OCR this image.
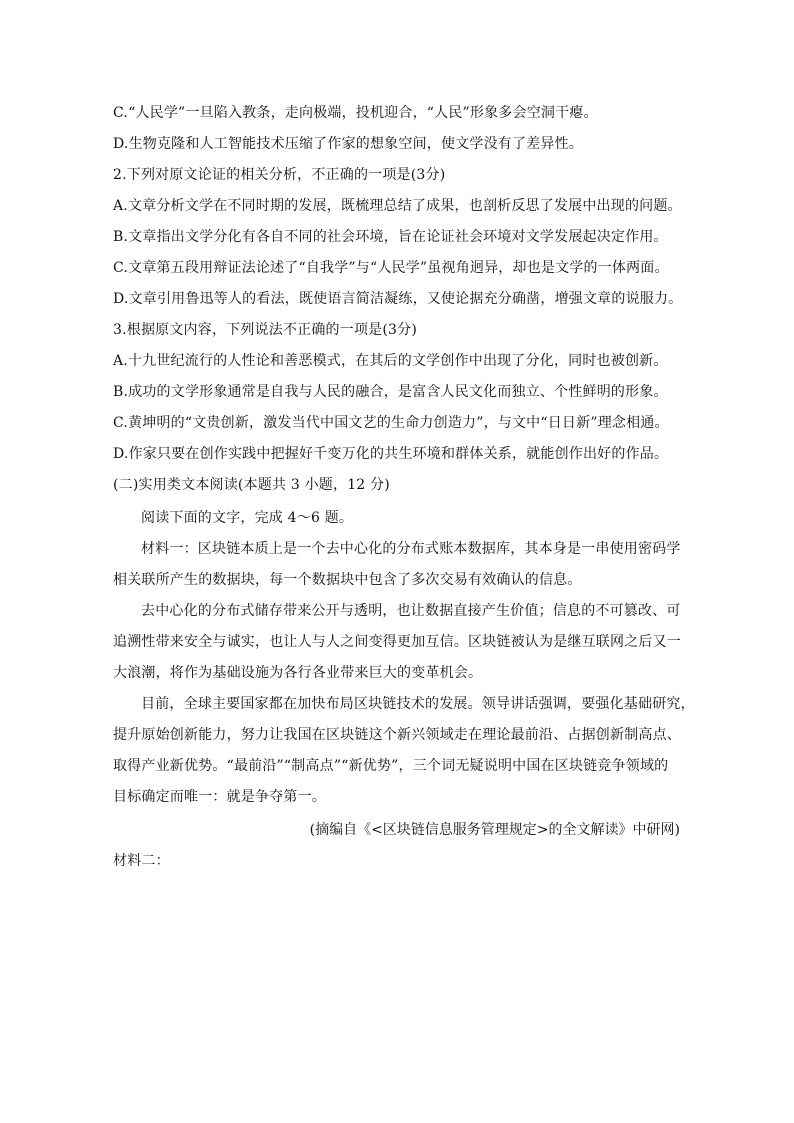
C.“人民学”一旦陷入教条，走向极端，投机迎合，“人民”形象多会空洞干瘪。
D.生物克隆和人工智能技术压缩了作家的想象空间，使文学没有了差异性。
2.下列对原文论证的相关分析，不正确的一项是(3分)
A.文章分析文学在不同时期的发展，既梳理总结了成果，也剖析反思了发展中出现的问题。
B.文章指出文学分化有各自不同的社会环境，旨在论证社会环境对文学发展起决定作用。
C.文章第五段用辩证法论述了“自我学”与“人民学”虽视角迥异，却也是文学的一体两面。
D.文章引用鲁迅等人的看法，既使语言简洁凝练，又使论据充分确凿，增强文章的说服力。
3.根据原文内容，下列说法不正确的一项是(3分)
A.十九世纪流行的人性论和善恶模式，在其后的文学创作中出现了分化，同时也被创新。
B.成功的文学形象通常是自我与人民的融合，是富含人民文化而独立、个性鲜明的形象。
C.黄坤明的“文贵创新，激发当代中国文艺的生命力创造力”，与文中“日日新”理念相通。
D.作家只要在创作实践中把握好千变万化的共生环境和群体关系，就能创作出好的作品。
(二)实用类文本阅读(本题共 3 小题，12 分)
阅读下面的文字，完成 4～6 题。
材料一：区块链本质上是一个去中心化的分布式账本数据库，其本身是一串使用密码学
相关联所产生的数据块，每一个数据块中包含了多次交易有效确认的信息。
去中心化的分布式储存带来公开与透明，也让数据直接产生价值；信息的不可篡改、可
追溯性带来安全与诚实，也让人与人之间变得更加互信。区块链被认为是继互联网之后又一
大浪潮，将作为基础设施为各行各业带来巨大的变革机会。
目前，全球主要国家都在加快布局区块链技术的发展。领导讲话强调，要强化基础研究，
提升原始创新能力，努力让我国在区块链这个新兴领域走在理论最前沿、占据创新制高点、
取得产业新优势。“最前沿”“制高点”“新优势”，三个词无疑说明中国在区块链竞争领域的
目标确定而唯一：就是争夺第一。
(摘编自《<区块链信息服务管理规定>的全文解读》中研网)
材料二：
